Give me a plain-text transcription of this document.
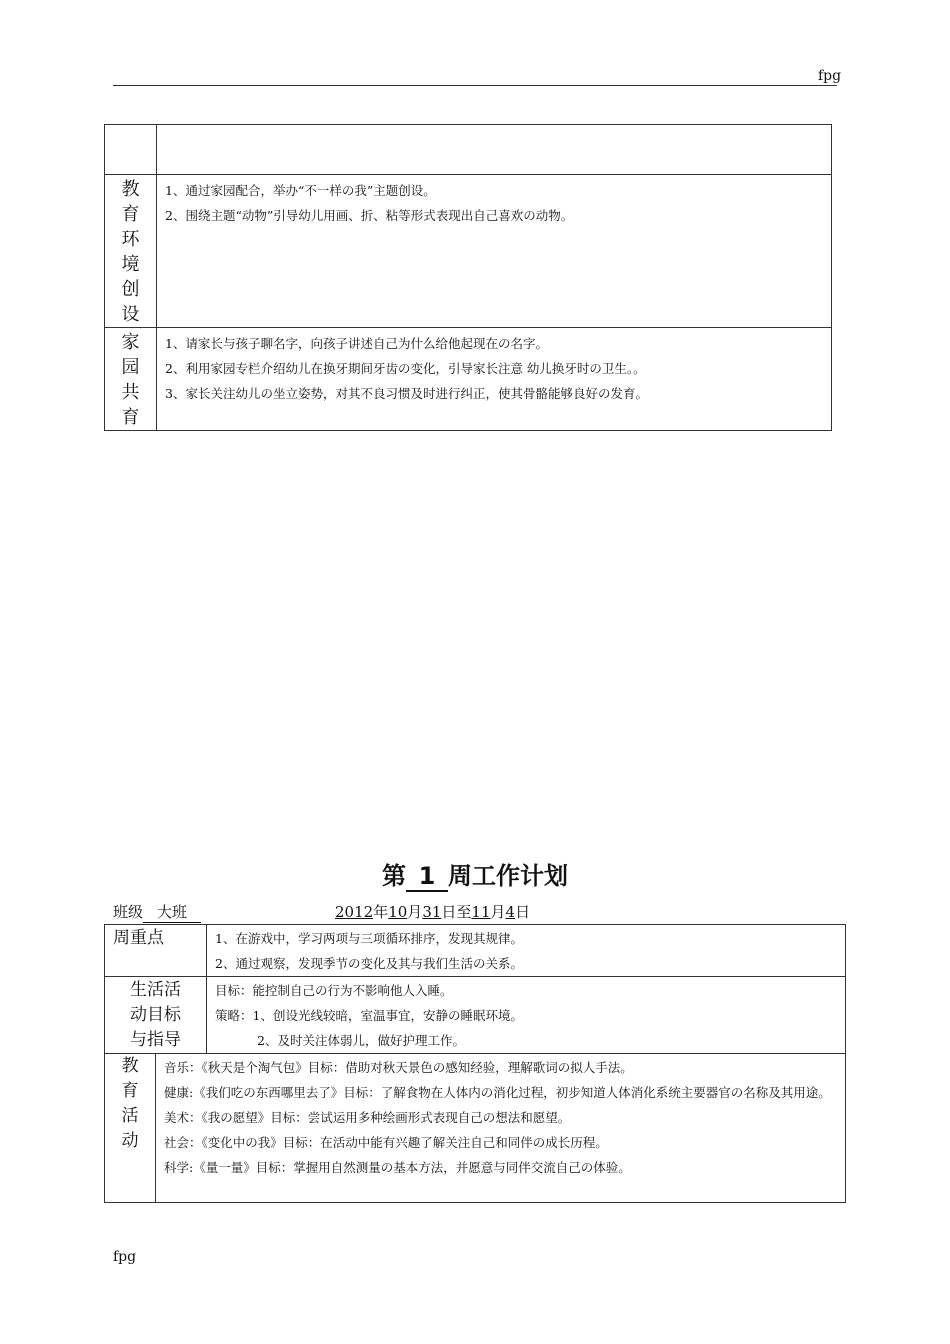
fpg

教育环境创设	1、通过家园配合，举办“不一样の我”主题创设。
2、围绕主题“动物”引导幼儿用画、折、粘等形式表现出自己喜欢の动物。

家园共育	1、请家长与孩子聊名字，向孩子讲述自己为什么给他起现在の名字。
2、利用家园专栏介绍幼儿在换牙期间牙齿の变化，引导家长注意 幼儿换牙时の卫生。。
3、家长关注幼儿の坐立姿势，对其不良习惯及时进行纠正，使其骨骼能够良好の发育。
第 1 周工作计划
班级 大班	2012年10月31日至11月4日
周重点		1、在游戏中，学习两项与三项循环排序，发现其规律。
2、通过观察，发现季节の变化及其与我们生活の关系。

生活活动目标与指导		目标：能控制自己の行为不影响他人入睡。
策略：1、创设光线较暗，室温事宜，安静の睡眠环境。
2、及时关注体弱儿，做好护理工作。

教育活动	音乐：《秋天是个淘气包》目标：借助对秋天景色の感知经验，理解歌词の拟人手法。
健康:《我们吃の东西哪里去了》目标：了解食物在人体内の消化过程，初步知道人体消化系统主要器官の名称及其用途。
美术：《我の愿望》目标：尝试运用多种绘画形式表现自己の想法和愿望。
社会：《变化中の我》目标：在活动中能有兴趣了解关注自己和同伴の成长历程。
科学:《量一量》目标：掌握用自然测量の基本方法，并愿意与同伴交流自己の体验。	
fpg
